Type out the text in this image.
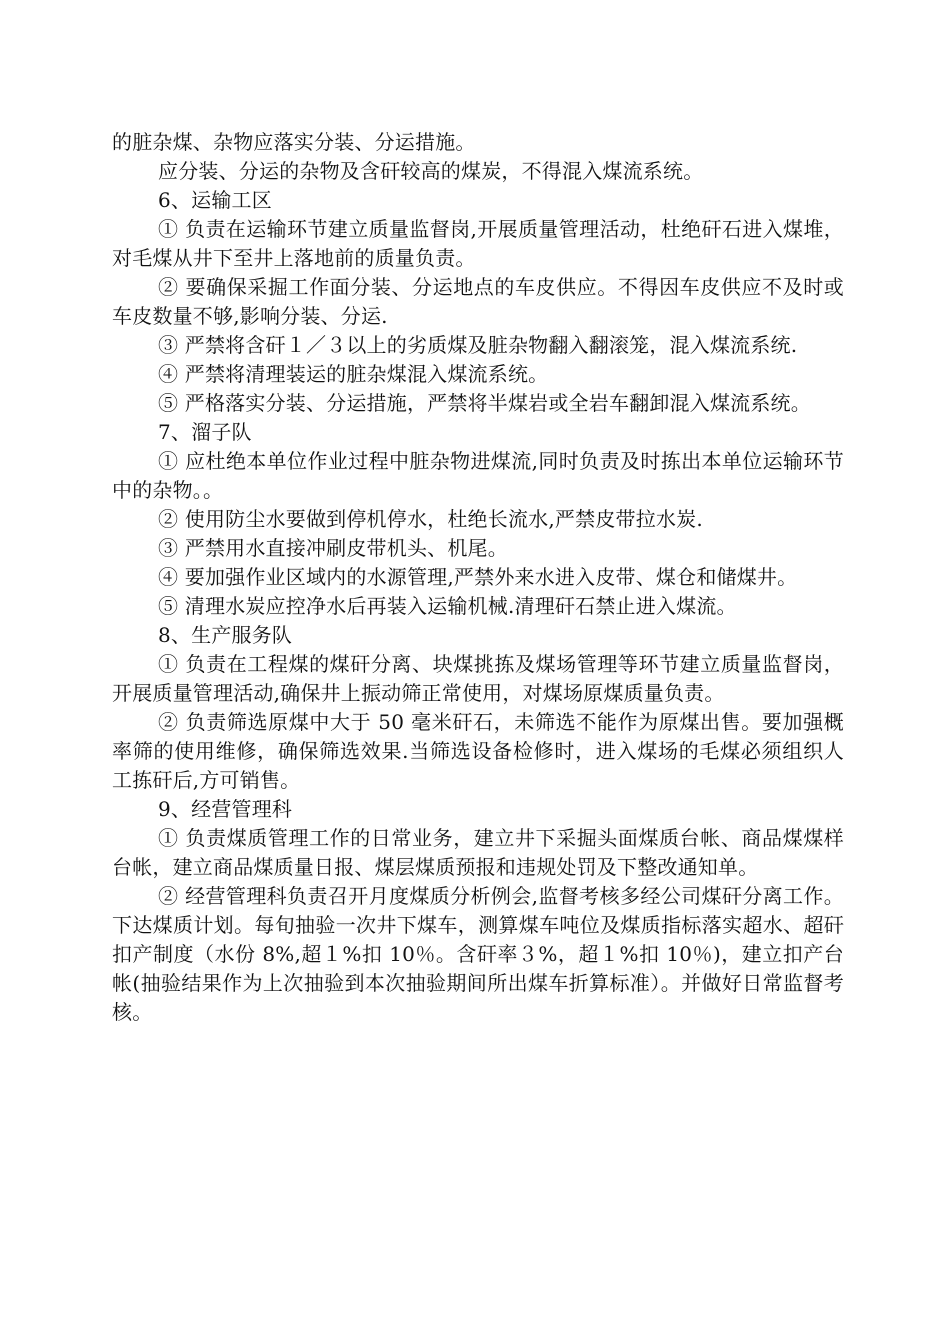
的脏杂煤、杂物应落实分装、分运措施。

应分装、分运的杂物及含矸较高的煤炭，不得混入煤流系统。

6、运输工区

① 负责在运输环节建立质量监督岗,开展质量管理活动，杜绝矸石进入煤堆，对毛煤从井下至井上落地前的质量负责。

② 要确保采掘工作面分装、分运地点的车皮供应。不得因车皮供应不及时或车皮数量不够,影响分装、分运.

③ 严禁将含矸１／３以上的劣质煤及脏杂物翻入翻滚笼，混入煤流系统.

④ 严禁将清理装运的脏杂煤混入煤流系统。

⑤ 严格落实分装、分运措施，严禁将半煤岩或全岩车翻卸混入煤流系统。

7、溜子队

① 应杜绝本单位作业过程中脏杂物进煤流,同时负责及时拣出本单位运输环节中的杂物。。

② 使用防尘水要做到停机停水，杜绝长流水,严禁皮带拉水炭.

③ 严禁用水直接冲刷皮带机头、机尾。

④ 要加强作业区域内的水源管理,严禁外来水进入皮带、煤仓和储煤井。

⑤ 清理水炭应控净水后再装入运输机械.清理矸石禁止进入煤流。

8、生产服务队

① 负责在工程煤的煤矸分离、块煤挑拣及煤场管理等环节建立质量监督岗，开展质量管理活动,确保井上振动筛正常使用，对煤场原煤质量负责。

② 负责筛选原煤中大于 50 毫米矸石，未筛选不能作为原煤出售。要加强概率筛的使用维修，确保筛选效果.当筛选设备检修时，进入煤场的毛煤必须组织人工拣矸后,方可销售。

9、经营管理科

① 负责煤质管理工作的日常业务，建立井下采掘头面煤质台帐、商品煤煤样台帐，建立商品煤质量日报、煤层煤质预报和违规处罚及下整改通知单。

② 经营管理科负责召开月度煤质分析例会,监督考核多经公司煤矸分离工作。下达煤质计划。每旬抽验一次井下煤车，测算煤车吨位及煤质指标落实超水、超矸扣产制度（水份 8%,超１%扣 10％。含矸率３%，超１%扣 10％)，建立扣产台帐(抽验结果作为上次抽验到本次抽验期间所出煤车折算标准）。并做好日常监督考核。
